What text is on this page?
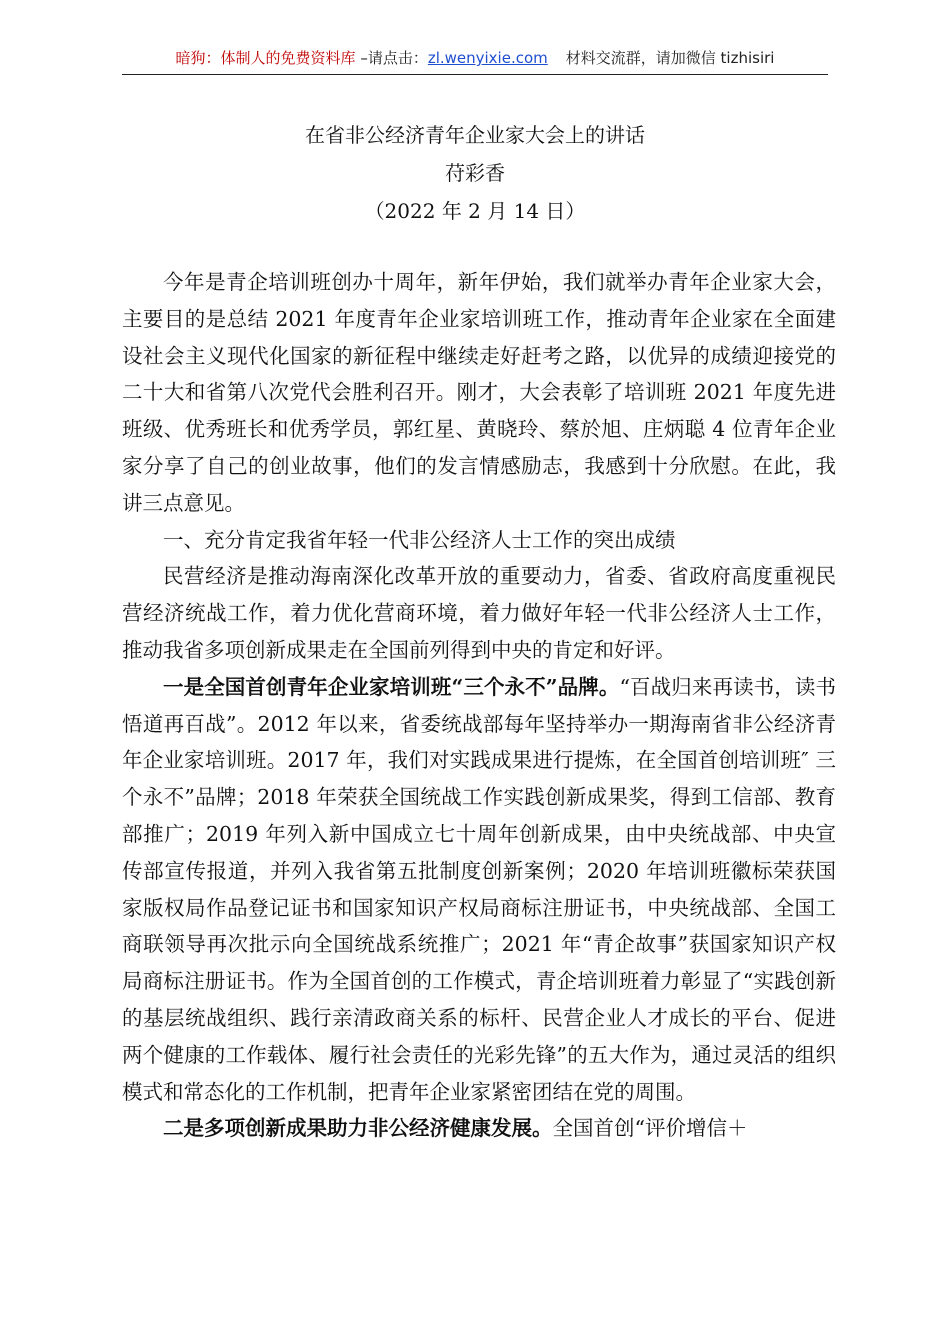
暗狗：体制人的免费资料库 –请点击：zl.wenyixie.com 材料交流群，请加微信 tizhisiri
在省非公经济青年企业家大会上的讲话
苻彩香
（2022 年 2 月 14 日）

今年是青企培训班创办十周年，新年伊始，我们就举办青年企业家大会，主要目的是总结 2021 年度青年企业家培训班工作，推动青年企业家在全面建设社会主义现代化国家的新征程中继续走好赶考之路，以优异的成绩迎接党的二十大和省第八次党代会胜利召开。刚才，大会表彰了培训班 2021 年度先进班级、优秀班长和优秀学员，郭红星、黄晓玲、蔡於旭、庄炳聪 4 位青年企业家分享了自己的创业故事，他们的发言情感励志，我感到十分欣慰。在此，我讲三点意见。

一、充分肯定我省年轻一代非公经济人士工作的突出成绩

民营经济是推动海南深化改革开放的重要动力，省委、省政府高度重视民营经济统战工作，着力优化营商环境，着力做好年轻一代非公经济人士工作，推动我省多项创新成果走在全国前列得到中央的肯定和好评。

一是全国首创青年企业家培训班“三个永不”品牌。“百战归来再读书，读书悟道再百战”。2012 年以来，省委统战部每年坚持举办一期海南省非公经济青年企业家培训班。2017 年，我们对实践成果进行提炼，在全国首创培训班″ 三个永不”品牌；2018 年荣获全国统战工作实践创新成果奖，得到工信部、教育部推广；2019 年列入新中国成立七十周年创新成果，由中央统战部、中央宣传部宣传报道，并列入我省第五批制度创新案例；2020 年培训班徽标荣获国家版权局作品登记证书和国家知识产权局商标注册证书，中央统战部、全国工商联领导再次批示向全国统战系统推广；2021 年“青企故事”获国家知识产权局商标注册证书。作为全国首创的工作模式，青企培训班着力彰显了“实践创新的基层统战组织、践行亲清政商关系的标杆、民营企业人才成长的平台、促进两个健康的工作载体、履行社会责任的光彩先锋”的五大作为，通过灵活的组织模式和常态化的工作机制，把青年企业家紧密团结在党的周围。

二是多项创新成果助力非公经济健康发展。全国首创“评价增信＋
